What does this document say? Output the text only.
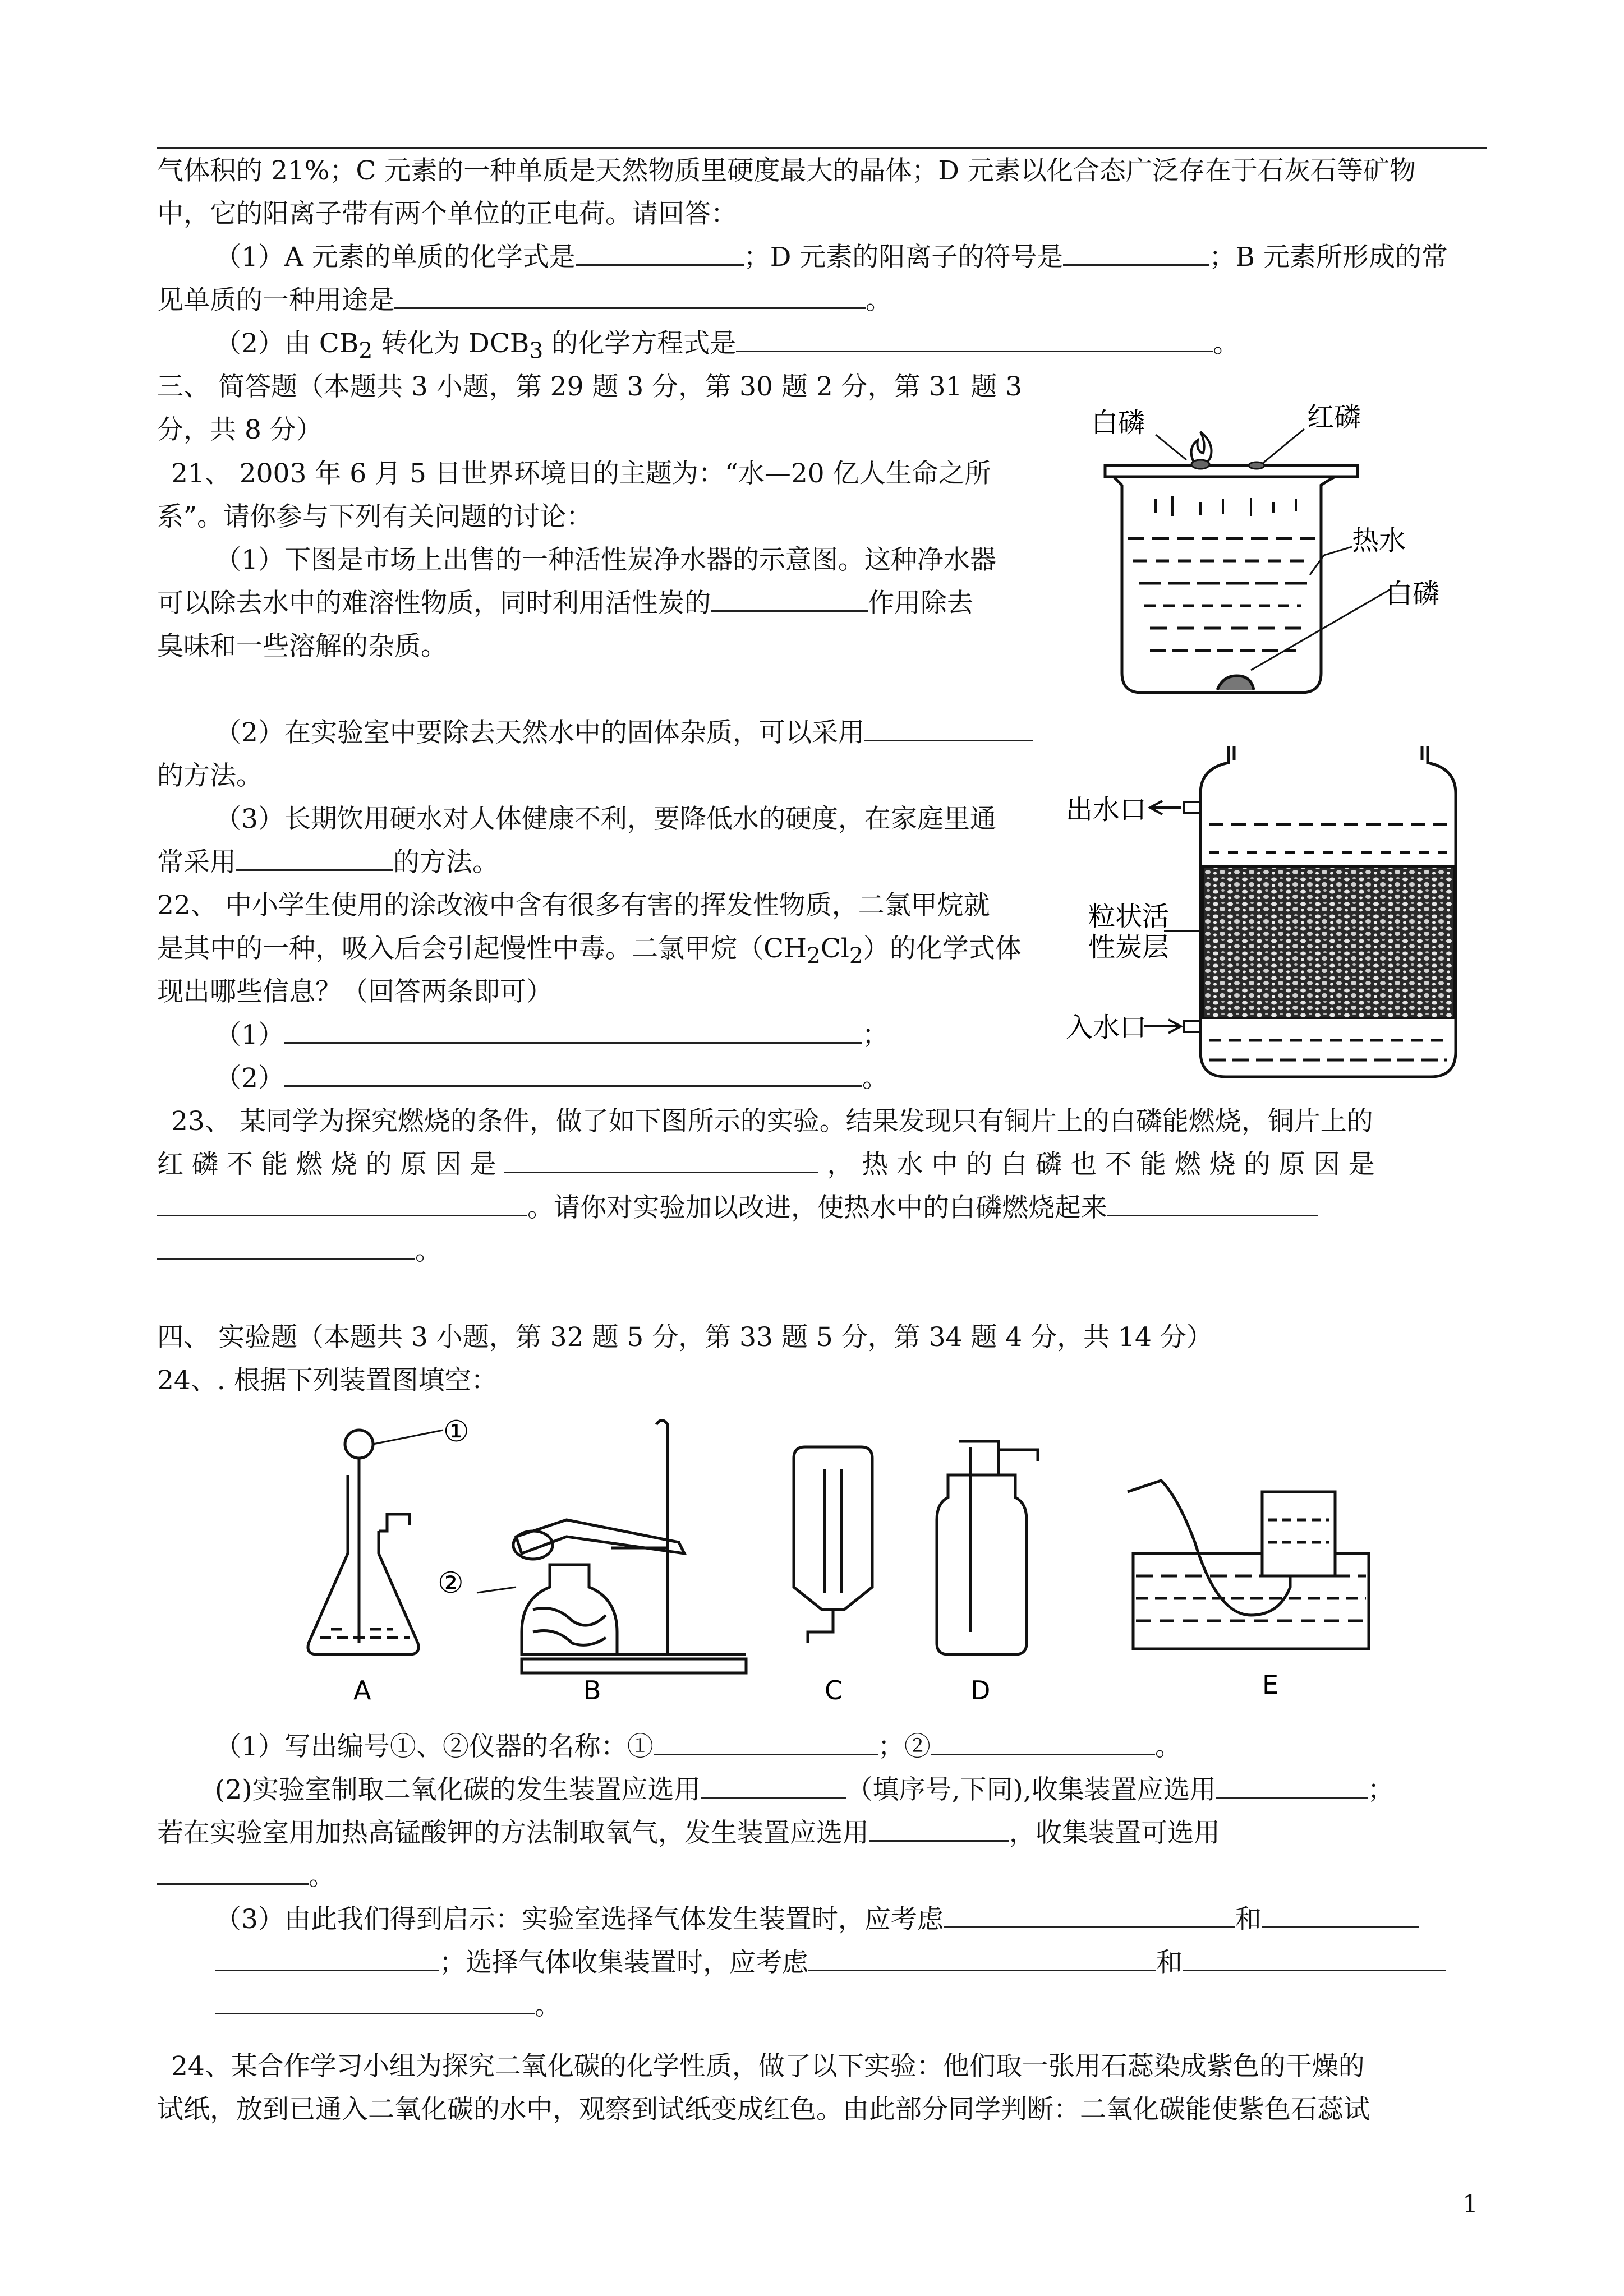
气体积的 21%；C 元素的一种单质是天然物质里硬度最大的晶体；D 元素以化合态广泛存在于石灰石等矿物
中，它的阳离子带有两个单位的正电荷。请回答：
（1）A 元素的单质的化学式是	；D 元素的阳离子的符号是	；B 元素所形成的常
见单质的一种用途是	。
（2）由 $CB_2$ 转化为 $DCB_3$ 的化学方程式是	。
三、 简答题（本题共 3 小题，第 29 题 3 分，第 30 题 2 分，第 31 题 3
分，共 8 分）
21、 2003 年 6 月 5 日世界环境日的主题为：“水—20 亿人生命之所
系”。请你参与下列有关问题的讨论：
（1）下图是市场上出售的一种活性炭净水器的示意图。这种净水器
可以除去水中的难溶性物质，同时利用活性炭的	作用除去
臭味和一些溶解的杂质。
（2）在实验室中要除去天然水中的固体杂质，可以采用
的方法。
（3）长期饮用硬水对人体健康不利，要降低水的硬度，在家庭里通
常采用	的方法。
22、 中小学生使用的涂改液中含有很多有害的挥发性物质，二氯甲烷就
是其中的一种，吸入后会引起慢性中毒。二氯甲烷$(CH_2Cl_2)$的化学式体
现出哪些信息？（回答两条即可）
（1）	；
（2）	。
23、 某同学为探究燃烧的条件，做了如下图所示的实验。结果发现只有铜片上的白磷能燃烧，铜片上的
红 磷 不 能 燃 烧 的 原 因 是	， 热 水 中 的 白 磷 也 不 能 燃 烧 的 原 因 是
。请你对实验加以改进，使热水中的白磷燃烧起来
。
四、 实验题（本题共 3 小题，第 32 题 5 分，第 33 题 5 分，第 34 题 4 分，共 14 分）
24、. 根据下列装置图填空：
（1）写出编号①、②仪器的名称：①	；②	。
(2)实验室制取二氧化碳的发生装置应选用	（填序号,下同),收集装置应选用	；
若在实验室用加热高锰酸钾的方法制取氧气，发生装置应选用	，收集装置可选用
。
（3）由此我们得到启示：实验室选择气体发生装置时，应考虑	和
；选择气体收集装置时，应考虑	和
。
24、某合作学习小组为探究二氧化碳的化学性质，做了以下实验：他们取一张用石蕊染成紫色的干燥的
试纸，放到已通入二氧化碳的水中，观察到试纸变成红色。由此部分同学判断：二氧化碳能使紫色石蕊试
1
白磷	红磷
热水
白磷
出水口
粒状活
性炭层
入水口
①
②
A	B	C	D	E
